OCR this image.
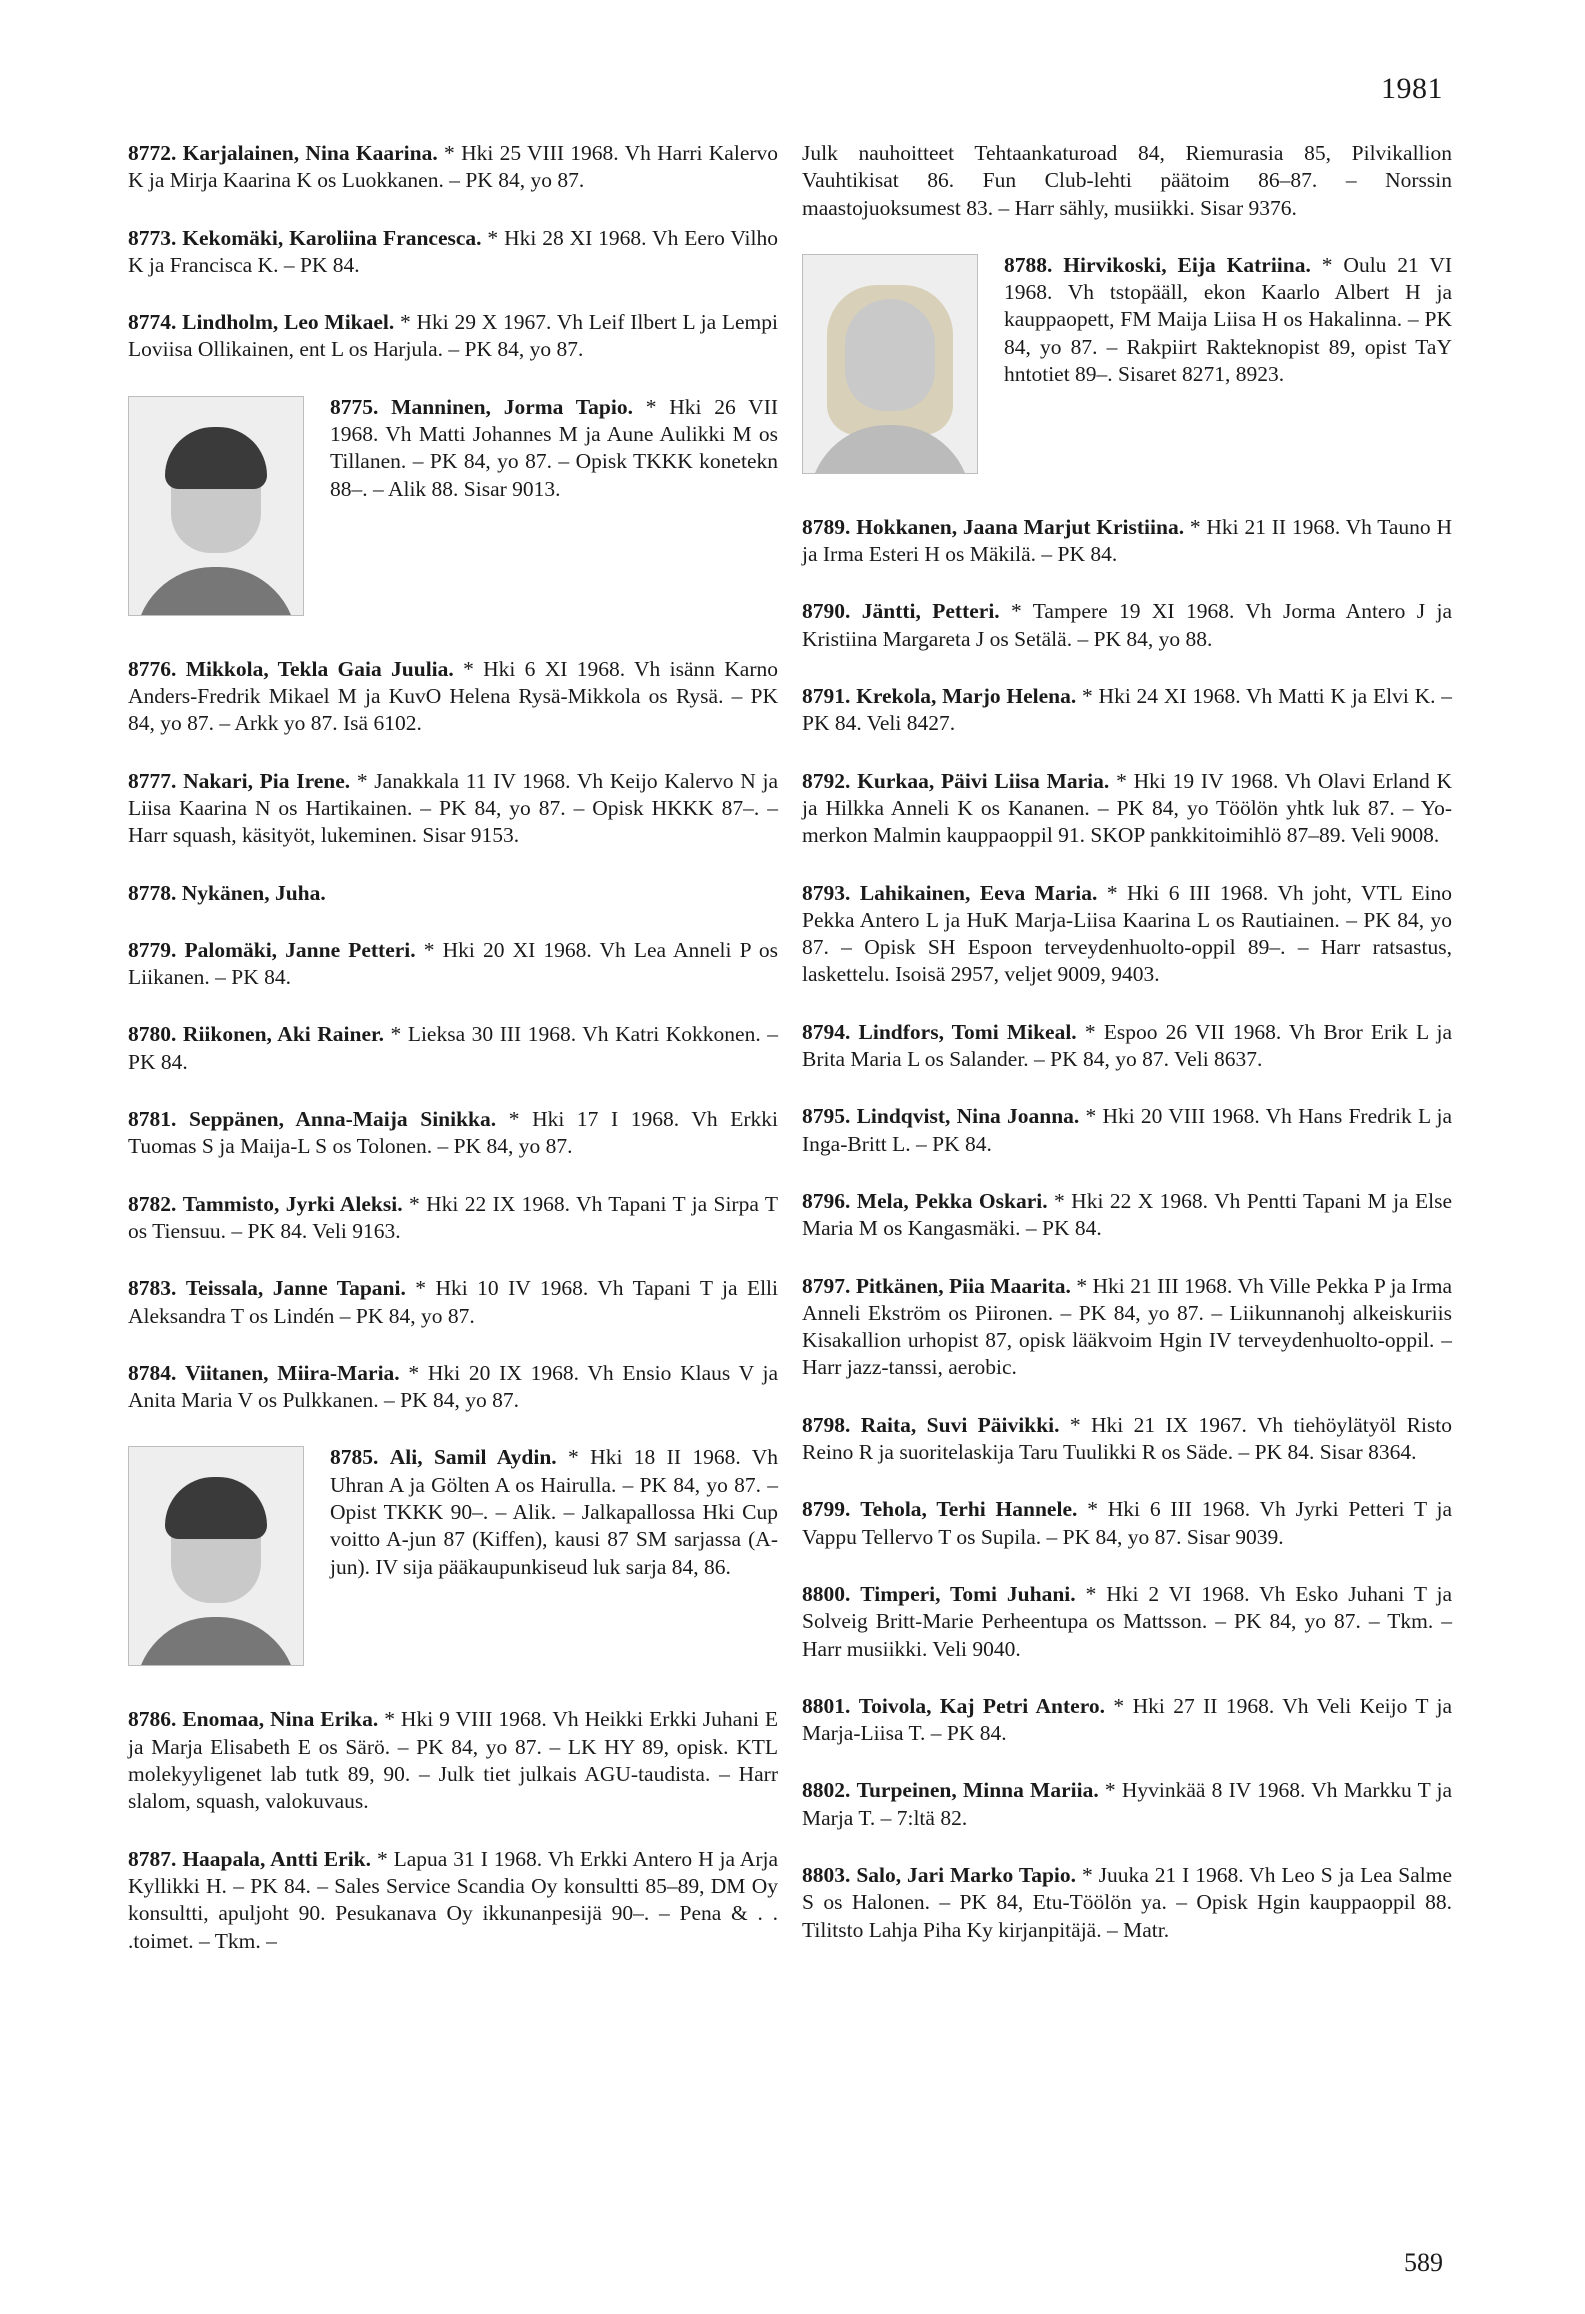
1981

8772. Karjalainen, Nina Kaarina. * Hki 25 VIII 1968. Vh Harri Kalervo K ja Mirja Kaarina K os Luokkanen. – PK 84, yo 87.

8773. Kekomäki, Karoliina Francesca. * Hki 28 XI 1968. Vh Eero Vilho K ja Francisca K. – PK 84.

8774. Lindholm, Leo Mikael. * Hki 29 X 1967. Vh Leif Ilbert L ja Lempi Loviisa Ollikainen, ent L os Harjula. – PK 84, yo 87.

8775. Manninen, Jorma Tapio. * Hki 26 VII 1968. Vh Matti Johannes M ja Aune Aulikki M os Tillanen. – PK 84, yo 87. – Opisk TKKK konetekn 88–. – Alik 88. Sisar 9013.

8776. Mikkola, Tekla Gaia Juulia. * Hki 6 XI 1968. Vh isänn Karno Anders-Fredrik Mikael M ja KuvO Helena Rysä-Mikkola os Rysä. – PK 84, yo 87. – Arkk yo 87. Isä 6102.

8777. Nakari, Pia Irene. * Janakkala 11 IV 1968. Vh Keijo Kalervo N ja Liisa Kaarina N os Hartikainen. – PK 84, yo 87. – Opisk HKKK 87–. – Harr squash, käsityöt, lukeminen. Sisar 9153.

8778. Nykänen, Juha.

8779. Palomäki, Janne Petteri. * Hki 20 XI 1968. Vh Lea Anneli P os Liikanen. – PK 84.

8780. Riikonen, Aki Rainer. * Lieksa 30 III 1968. Vh Katri Kokkonen. – PK 84.

8781. Seppänen, Anna-Maija Sinikka. * Hki 17 I 1968. Vh Erkki Tuomas S ja Maija-L S os Tolonen. – PK 84, yo 87.

8782. Tammisto, Jyrki Aleksi. * Hki 22 IX 1968. Vh Tapani T ja Sirpa T os Tiensuu. – PK 84. Veli 9163.

8783. Teissala, Janne Tapani. * Hki 10 IV 1968. Vh Tapani T ja Elli Aleksandra T os Lindén – PK 84, yo 87.

8784. Viitanen, Miira-Maria. * Hki 20 IX 1968. Vh Ensio Klaus V ja Anita Maria V os Pulkkanen. – PK 84, yo 87.

8785. Ali, Samil Aydin. * Hki 18 II 1968. Vh Uhran A ja Gölten A os Hairulla. – PK 84, yo 87. – Opist TKKK 90–. – Alik. – Jalkapallossa Hki Cup voitto A-jun 87 (Kiffen), kausi 87 SM sarjassa (A-jun). IV sija pääkaupunkiseud luk sarja 84, 86.

8786. Enomaa, Nina Erika. * Hki 9 VIII 1968. Vh Heikki Erkki Juhani E ja Marja Elisabeth E os Särö. – PK 84, yo 87. – LK HY 89, opisk. KTL molekyyligenet lab tutk 89, 90. – Julk tiet julkais AGU-taudista. – Harr slalom, squash, valokuvaus.

8787. Haapala, Antti Erik. * Lapua 31 I 1968. Vh Erkki Antero H ja Arja Kyllikki H. – PK 84. – Sales Service Scandia Oy konsultti 85–89, DM Oy konsultti, apuljoht 90. Pesukanava Oy ikkunanpesijä 90–. – Pena & . . .toimet. – Tkm. –

Julk nauhoitteet Tehtaankaturoad 84, Riemurasia 85, Pilvikallion Vauhtikisat 86. Fun Club-lehti päätoim 86–87. – Norssin maastojuoksumest 83. – Harr sähly, musiikki. Sisar 9376.

8788. Hirvikoski, Eija Katriina. * Oulu 21 VI 1968. Vh tstopääll, ekon Kaarlo Albert H ja kauppaopett, FM Maija Liisa H os Hakalinna. – PK 84, yo 87. – Rakpiirt Rakteknopist 89, opist TaY hntotiet 89–. Sisaret 8271, 8923.

8789. Hokkanen, Jaana Marjut Kristiina. * Hki 21 II 1968. Vh Tauno H ja Irma Esteri H os Mäkilä. – PK 84.

8790. Jäntti, Petteri. * Tampere 19 XI 1968. Vh Jorma Antero J ja Kristiina Margareta J os Setälä. – PK 84, yo 88.

8791. Krekola, Marjo Helena. * Hki 24 XI 1968. Vh Matti K ja Elvi K. – PK 84. Veli 8427.

8792. Kurkaa, Päivi Liisa Maria. * Hki 19 IV 1968. Vh Olavi Erland K ja Hilkka Anneli K os Kananen. – PK 84, yo Töölön yhtk luk 87. – Yo-merkon Malmin kauppaoppil 91. SKOP pankkitoimihlö 87–89. Veli 9008.

8793. Lahikainen, Eeva Maria. * Hki 6 III 1968. Vh joht, VTL Eino Pekka Antero L ja HuK Marja-Liisa Kaarina L os Rautiainen. – PK 84, yo 87. – Opisk SH Espoon terveydenhuolto-oppil 89–. – Harr ratsastus, laskettelu. Isoisä 2957, veljet 9009, 9403.

8794. Lindfors, Tomi Mikeal. * Espoo 26 VII 1968. Vh Bror Erik L ja Brita Maria L os Salander. – PK 84, yo 87. Veli 8637.

8795. Lindqvist, Nina Joanna. * Hki 20 VIII 1968. Vh Hans Fredrik L ja Inga-Britt L. – PK 84.

8796. Mela, Pekka Oskari. * Hki 22 X 1968. Vh Pentti Tapani M ja Else Maria M os Kangasmäki. – PK 84.

8797. Pitkänen, Piia Maarita. * Hki 21 III 1968. Vh Ville Pekka P ja Irma Anneli Ekström os Piironen. – PK 84, yo 87. – Liikunnanohj alkeiskuriis Kisakallion urhopist 87, opisk lääkvoim Hgin IV terveydenhuolto-oppil. – Harr jazz-tanssi, aerobic.

8798. Raita, Suvi Päivikki. * Hki 21 IX 1967. Vh tiehöylätyöl Risto Reino R ja suoritelaskija Taru Tuulikki R os Säde. – PK 84. Sisar 8364.

8799. Tehola, Terhi Hannele. * Hki 6 III 1968. Vh Jyrki Petteri T ja Vappu Tellervo T os Supila. – PK 84, yo 87. Sisar 9039.

8800. Timperi, Tomi Juhani. * Hki 2 VI 1968. Vh Esko Juhani T ja Solveig Britt-Marie Perheentupa os Mattsson. – PK 84, yo 87. – Tkm. – Harr musiikki. Veli 9040.

8801. Toivola, Kaj Petri Antero. * Hki 27 II 1968. Vh Veli Keijo T ja Marja-Liisa T. – PK 84.

8802. Turpeinen, Minna Mariia. * Hyvinkää 8 IV 1968. Vh Markku T ja Marja T. – 7:ltä 82.

8803. Salo, Jari Marko Tapio. * Juuka 21 I 1968. Vh Leo S ja Lea Salme S os Halonen. – PK 84, Etu-Töölön ya. – Opisk Hgin kauppaoppil 88. Tilitsto Lahja Piha Ky kirjanpitäjä. – Matr.

589
